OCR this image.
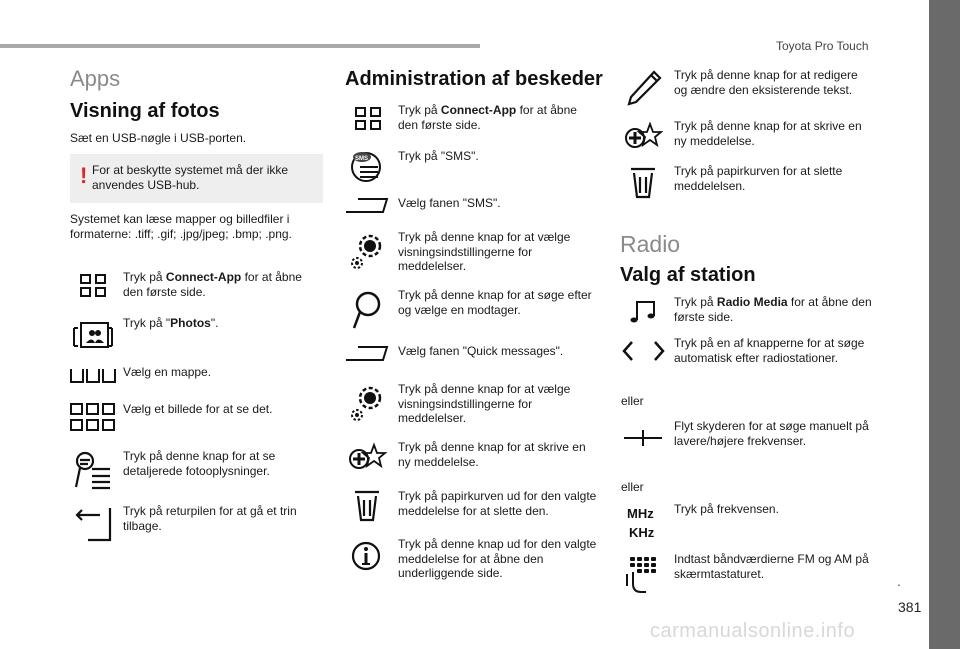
Toyota Pro Touch
.
381
carmanualsonline.info
Apps
Visning af fotos
Sæt en USB-nøgle i USB-porten.
! For at beskytte systemet må der ikke anvendes USB-hub.
Systemet kan læse mapper og billedfiler i formaterne: .tiff; .gif; .jpg/jpeg; .bmp; .png.
Tryk på Connect-App for at åbne den første side.
Tryk på "Photos".
Vælg en mappe.
Vælg et billede for at se det.
Tryk på denne knap for at se detaljerede fotooplysninger.
Tryk på returpilen for at gå et trin tilbage.
Administration af beskeder
Tryk på Connect-App for at åbne den første side.
SMS Tryk på "SMS".
Vælg fanen "SMS".
Tryk på denne knap for at vælge visningsindstillingerne for meddelelser.
Tryk på denne knap for at søge efter og vælge en modtager.
Vælg fanen "Quick messages".
Tryk på denne knap for at vælge visningsindstillingerne for meddelelser.
Tryk på denne knap for at skrive en ny meddelelse.
Tryk på papirkurven ud for den valgte meddelelse for at slette den.
Tryk på denne knap ud for den valgte meddelelse for at åbne den underliggende side.
Tryk på denne knap for at redigere og ændre den eksisterende tekst.
Tryk på denne knap for at skrive en ny meddelelse.
Tryk på papirkurven for at slette meddelelsen.
Radio
Valg af station
Tryk på Radio Media for at åbne den første side.
Tryk på en af knapperne for at søge automatisk efter radiostationer.
eller
Flyt skyderen for at søge manuelt på lavere/højere frekvenser.
eller
MHz
KHz
Tryk på frekvensen.
Indtast båndværdierne FM og AM på skærmtastaturet.
